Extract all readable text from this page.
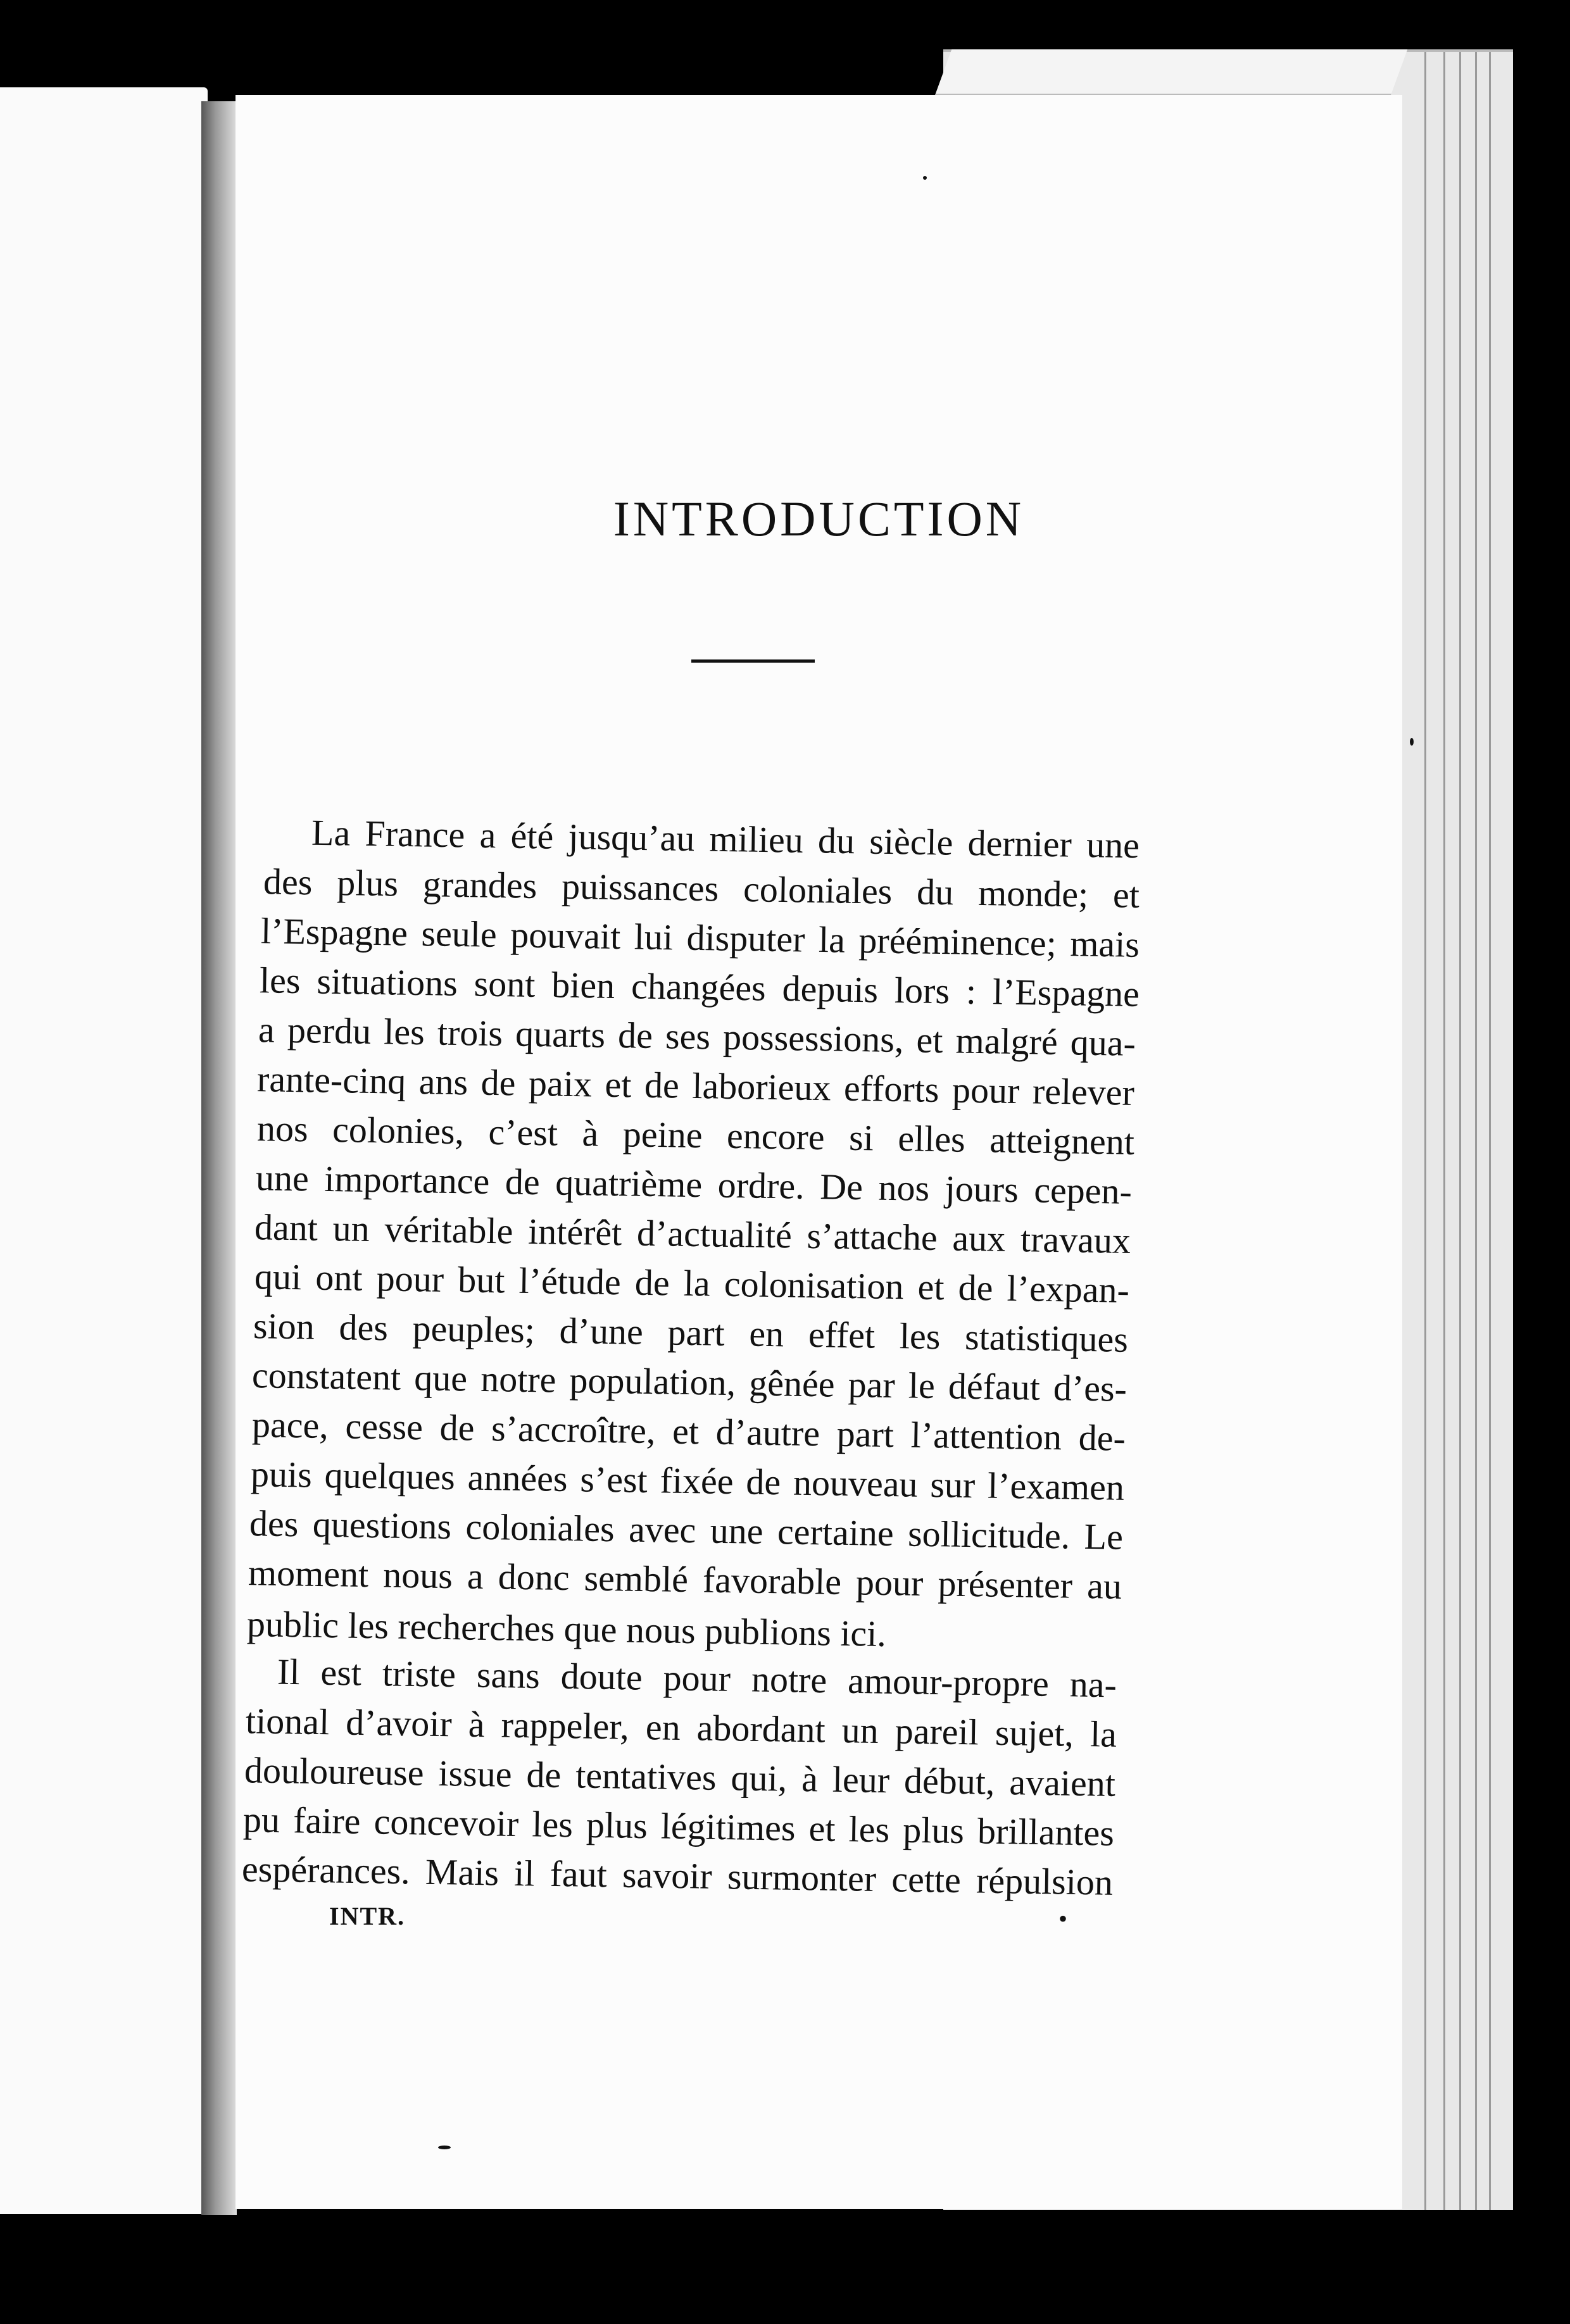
INTRODUCTION
La France a été jusqu’au milieu du siècle dernier une
des plus grandes puissances coloniales du monde; et
l’Espagne seule pouvait lui disputer la prééminence; mais
les situations sont bien changées depuis lors : l’Espagne
a perdu les trois quarts de ses possessions, et malgré qua-
rante-cinq ans de paix et de laborieux efforts pour relever
nos colonies, c’est à peine encore si elles atteignent
une importance de quatrième ordre. De nos jours cepen-
dant un véritable intérêt d’actualité s’attache aux travaux
qui ont pour but l’étude de la colonisation et de l’expan-
sion des peuples; d’une part en effet les statistiques
constatent que notre population, gênée par le défaut d’es-
pace, cesse de s’accroître, et d’autre part l’attention de-
puis quelques années s’est fixée de nouveau sur l’examen
des questions coloniales avec une certaine sollicitude. Le
moment nous a donc semblé favorable pour présenter au
public les recherches que nous publions ici.
Il est triste sans doute pour notre amour-propre na-
tional d’avoir à rappeler, en abordant un pareil sujet, la
douloureuse issue de tentatives qui, à leur début, avaient
pu faire concevoir les plus légitimes et les plus brillantes
espérances. Mais il faut savoir surmonter cette répulsion
INTR.	•
